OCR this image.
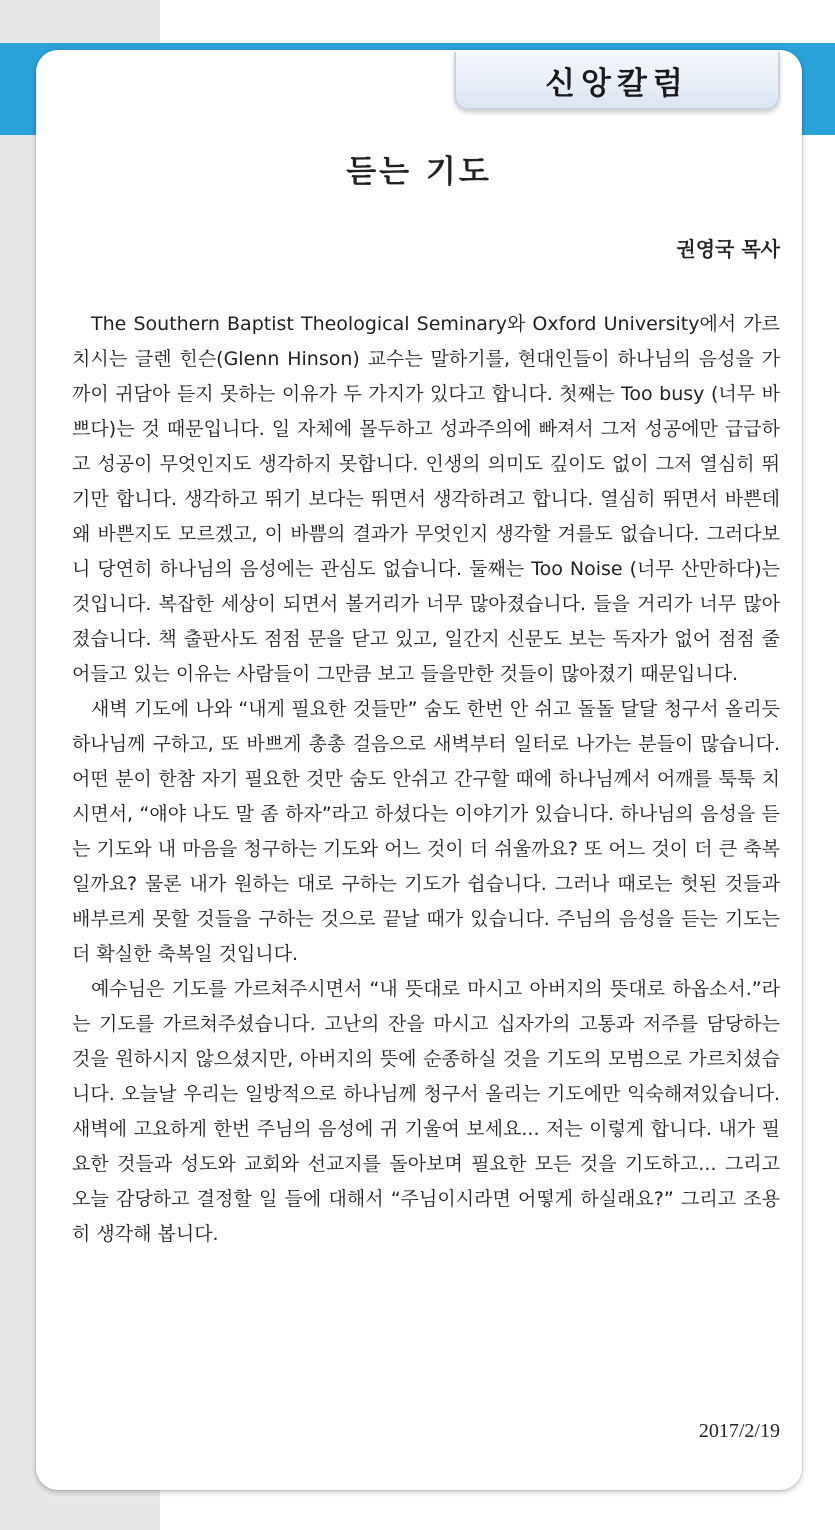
신앙칼럼
듣는 기도
권영국 목사

The Southern Baptist Theological Seminary와 Oxford University에서 가르치시는 글렌 힌슨(Glenn Hinson) 교수는 말하기를, 현대인들이 하나님의 음성을 가까이 귀담아 듣지 못하는 이유가 두 가지가 있다고 합니다. 첫째는 Too busy (너무 바쁘다)는 것 때문입니다. 일 자체에 몰두하고 성과주의에 빠져서 그저 성공에만 급급하고 성공이 무엇인지도 생각하지 못합니다. 인생의 의미도 깊이도 없이 그저 열심히 뛰기만 합니다. 생각하고 뛰기 보다는 뛰면서 생각하려고 합니다. 열심히 뛰면서 바쁜데 왜 바쁜지도 모르겠고, 이 바쁨의 결과가 무엇인지 생각할 겨를도 없습니다. 그러다보니 당연히 하나님의 음성에는 관심도 없습니다. 둘째는 Too Noise (너무 산만하다)는 것입니다. 복잡한 세상이 되면서 볼거리가 너무 많아졌습니다. 들을 거리가 너무 많아졌습니다. 책 출판사도 점점 문을 닫고 있고, 일간지 신문도 보는 독자가 없어 점점 줄어들고 있는 이유는 사람들이 그만큼 보고 들을만한 것들이 많아졌기 때문입니다.

새벽 기도에 나와 “내게 필요한 것들만” 숨도 한번 안 쉬고 돌돌 달달 청구서 올리듯 하나님께 구하고, 또 바쁘게 총총 걸음으로 새벽부터 일터로 나가는 분들이 많습니다. 어떤 분이 한참 자기 필요한 것만 숨도 안쉬고 간구할 때에 하나님께서 어깨를 툭툭 치시면서, “얘야 나도 말 좀 하자”라고 하셨다는 이야기가 있습니다. 하나님의 음성을 듣는 기도와 내 마음을 청구하는 기도와 어느 것이 더 쉬울까요? 또 어느 것이 더 큰 축복일까요? 물론 내가 원하는 대로 구하는 기도가 쉽습니다. 그러나 때로는 헛된 것들과 배부르게 못할 것들을 구하는 것으로 끝날 때가 있습니다. 주님의 음성을 듣는 기도는 더 확실한 축복일 것입니다.

예수님은 기도를 가르쳐주시면서 “내 뜻대로 마시고 아버지의 뜻대로 하옵소서.”라는 기도를 가르쳐주셨습니다. 고난의 잔을 마시고 십자가의 고통과 저주를 담당하는 것을 원하시지 않으셨지만, 아버지의 뜻에 순종하실 것을 기도의 모범으로 가르치셨습니다. 오늘날 우리는 일방적으로 하나님께 청구서 올리는 기도에만 익숙해져있습니다. 새벽에 고요하게 한번 주님의 음성에 귀 기울여 보세요... 저는 이렇게 합니다. 내가 필요한 것들과 성도와 교회와 선교지를 돌아보며 필요한 모든 것을 기도하고... 그리고 오늘 감당하고 결정할 일 들에 대해서 “주님이시라면 어떻게 하실래요?” 그리고 조용히 생각해 봅니다.

2017/2/19
